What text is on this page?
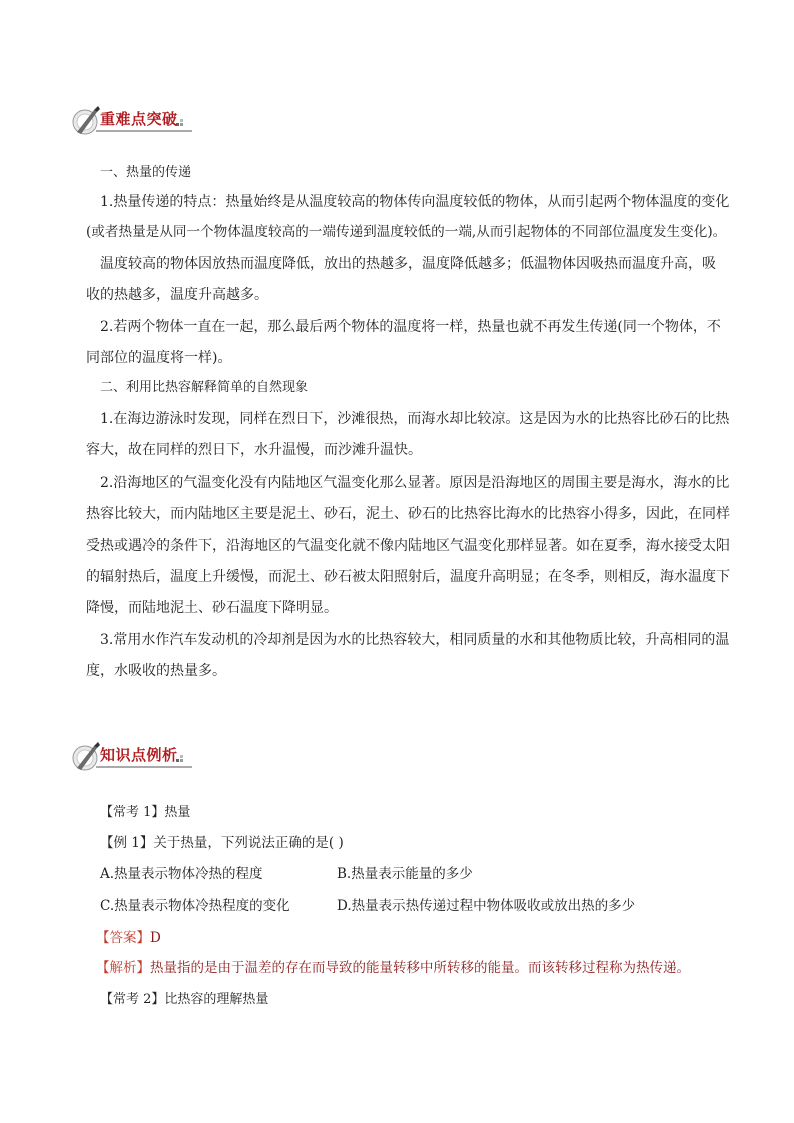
重难点突破
一、热量的传递
1.热量传递的特点：热量始终是从温度较高的物体传向温度较低的物体，从而引起两个物体温度的变化
(或者热量是从同一个物体温度较高的一端传递到温度较低的一端,从而引起物体的不同部位温度发生变化)。
温度较高的物体因放热而温度降低，放出的热越多，温度降低越多；低温物体因吸热而温度升高，吸
收的热越多，温度升高越多。
2.若两个物体一直在一起，那么最后两个物体的温度将一样，热量也就不再发生传递(同一个物体，不
同部位的温度将一样)。
二、利用比热容解释简单的自然现象
1.在海边游泳时发现，同样在烈日下，沙滩很热，而海水却比较凉。这是因为水的比热容比砂石的比热
容大，故在同样的烈日下，水升温慢，而沙滩升温快。
2.沿海地区的气温变化没有内陆地区气温变化那么显著。原因是沿海地区的周围主要是海水，海水的比
热容比较大，而内陆地区主要是泥土、砂石，泥土、砂石的比热容比海水的比热容小得多，因此，在同样
受热或遇冷的条件下，沿海地区的气温变化就不像内陆地区气温变化那样显著。如在夏季，海水接受太阳
的辐射热后，温度上升缓慢，而泥土、砂石被太阳照射后，温度升高明显；在冬季，则相反，海水温度下
降慢，而陆地泥土、砂石温度下降明显。
3.常用水作汽车发动机的冷却剂是因为水的比热容较大，相同质量的水和其他物质比较，升高相同的温
度，水吸收的热量多。
知识点例析
【常考 1】热量
【例 1】关于热量，下列说法正确的是( )
A.热量表示物体冷热的程度	B.热量表示能量的多少
C.热量表示物体冷热程度的变化	D.热量表示热传递过程中物体吸收或放出热的多少
【答案】D
【解析】热量指的是由于温差的存在而导致的能量转移中所转移的能量。而该转移过程称为热传递。
【常考 2】比热容的理解热量
